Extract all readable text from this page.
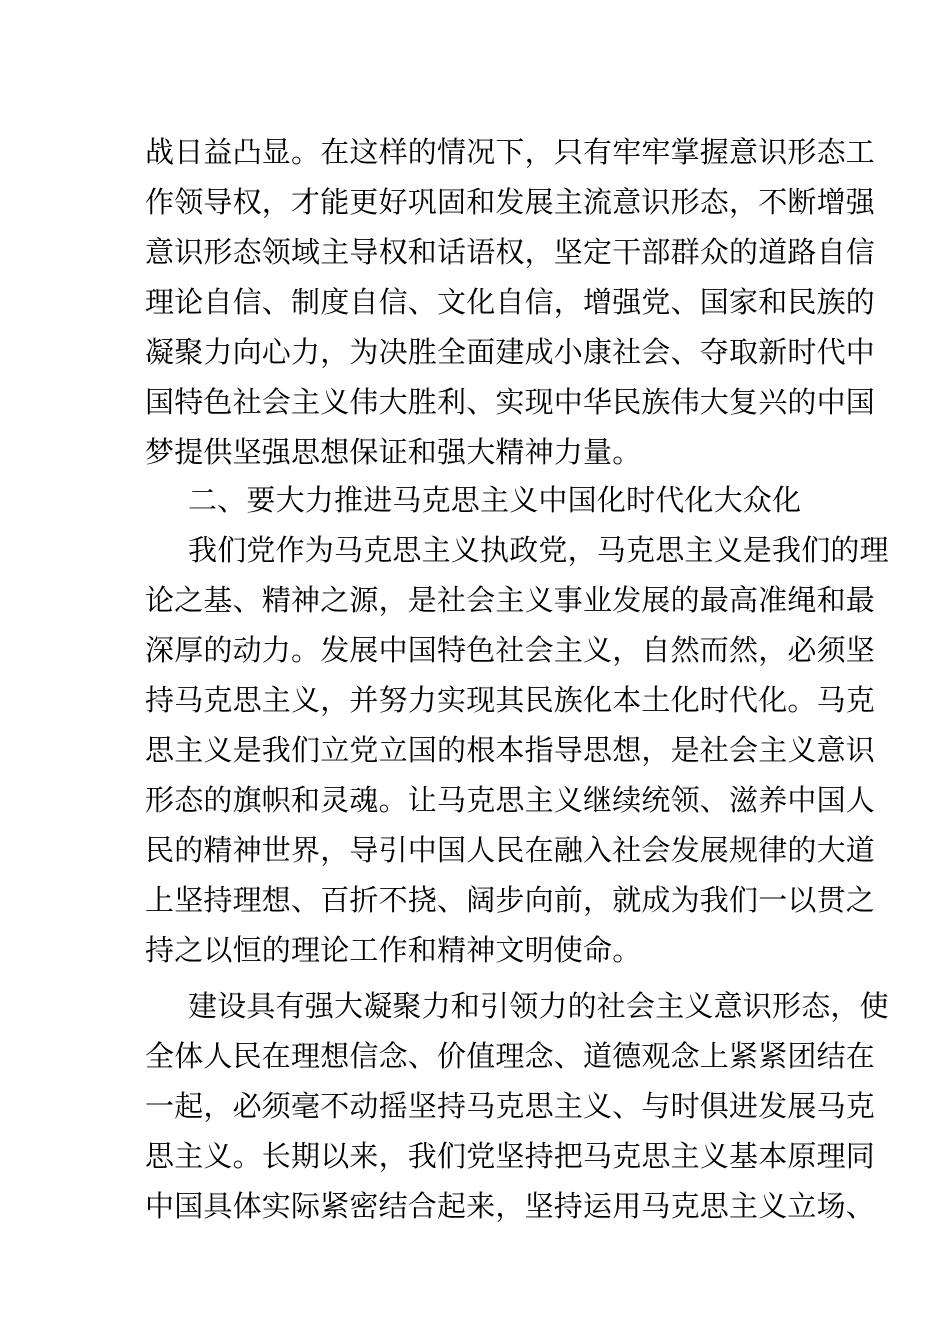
战日益凸显。在这样的情况下，只有牢牢掌握意识形态工
作领导权，才能更好巩固和发展主流意识形态，不断增强
意识形态领域主导权和话语权，坚定干部群众的道路自信
理论自信、制度自信、文化自信，增强党、国家和民族的
凝聚力向心力，为决胜全面建成小康社会、夺取新时代中
国特色社会主义伟大胜利、实现中华民族伟大复兴的中国
梦提供坚强思想保证和强大精神力量。
二、要大力推进马克思主义中国化时代化大众化
我们党作为马克思主义执政党，马克思主义是我们的理
论之基、精神之源，是社会主义事业发展的最高准绳和最
深厚的动力。发展中国特色社会主义，自然而然，必须坚
持马克思主义，并努力实现其民族化本土化时代化。马克
思主义是我们立党立国的根本指导思想，是社会主义意识
形态的旗帜和灵魂。让马克思主义继续统领、滋养中国人
民的精神世界，导引中国人民在融入社会发展规律的大道
上坚持理想、百折不挠、阔步向前，就成为我们一以贯之
持之以恒的理论工作和精神文明使命。
建设具有强大凝聚力和引领力的社会主义意识形态，使
全体人民在理想信念、价值理念、道德观念上紧紧团结在
一起，必须毫不动摇坚持马克思主义、与时俱进发展马克
思主义。长期以来，我们党坚持把马克思主义基本原理同
中国具体实际紧密结合起来，坚持运用马克思主义立场、
